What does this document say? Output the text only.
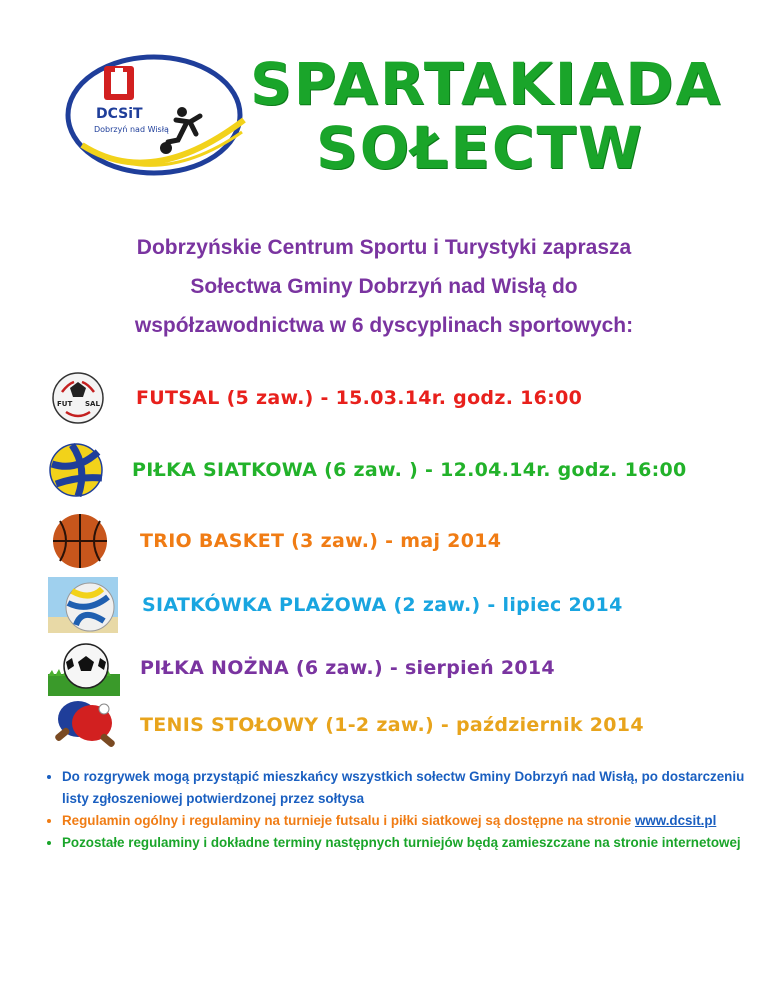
DCSiT
Dobrzyń nad Wisłą
SPARTAKIADA
SOŁECTW
Dobrzyńskie Centrum Sportu i Turystyki zaprasza
Sołectwa Gminy Dobrzyń nad Wisłą do
współzawodnictwa w 6 dyscyplinach sportowych:
FUT SAL FUTSAL (5 zaw.) - 15.03.14r. godz. 16:00
PIŁKA SIATKOWA (6 zaw. ) - 12.04.14r. godz. 16:00
TRIO BASKET (3 zaw.) - maj 2014
SIATKÓWKA PLAŻOWA (2 zaw.) - lipiec 2014
PIŁKA NOŻNA (6 zaw.) - sierpień 2014
TENIS STOŁOWY (1-2 zaw.) - październik 2014
• Do rozgrywek mogą przystąpić mieszkańcy wszystkich sołectw Gminy Dobrzyń nad Wisłą, po dostarczeniu listy zgłoszeniowej potwierdzonej przez sołtysa
• Regulamin ogólny i regulaminy na turnieje futsalu i piłki siatkowej są dostępne na stronie www.dcsit.pl
• Pozostałe regulaminy i dokładne terminy następnych turniejów będą zamieszczane na stronie internetowej
